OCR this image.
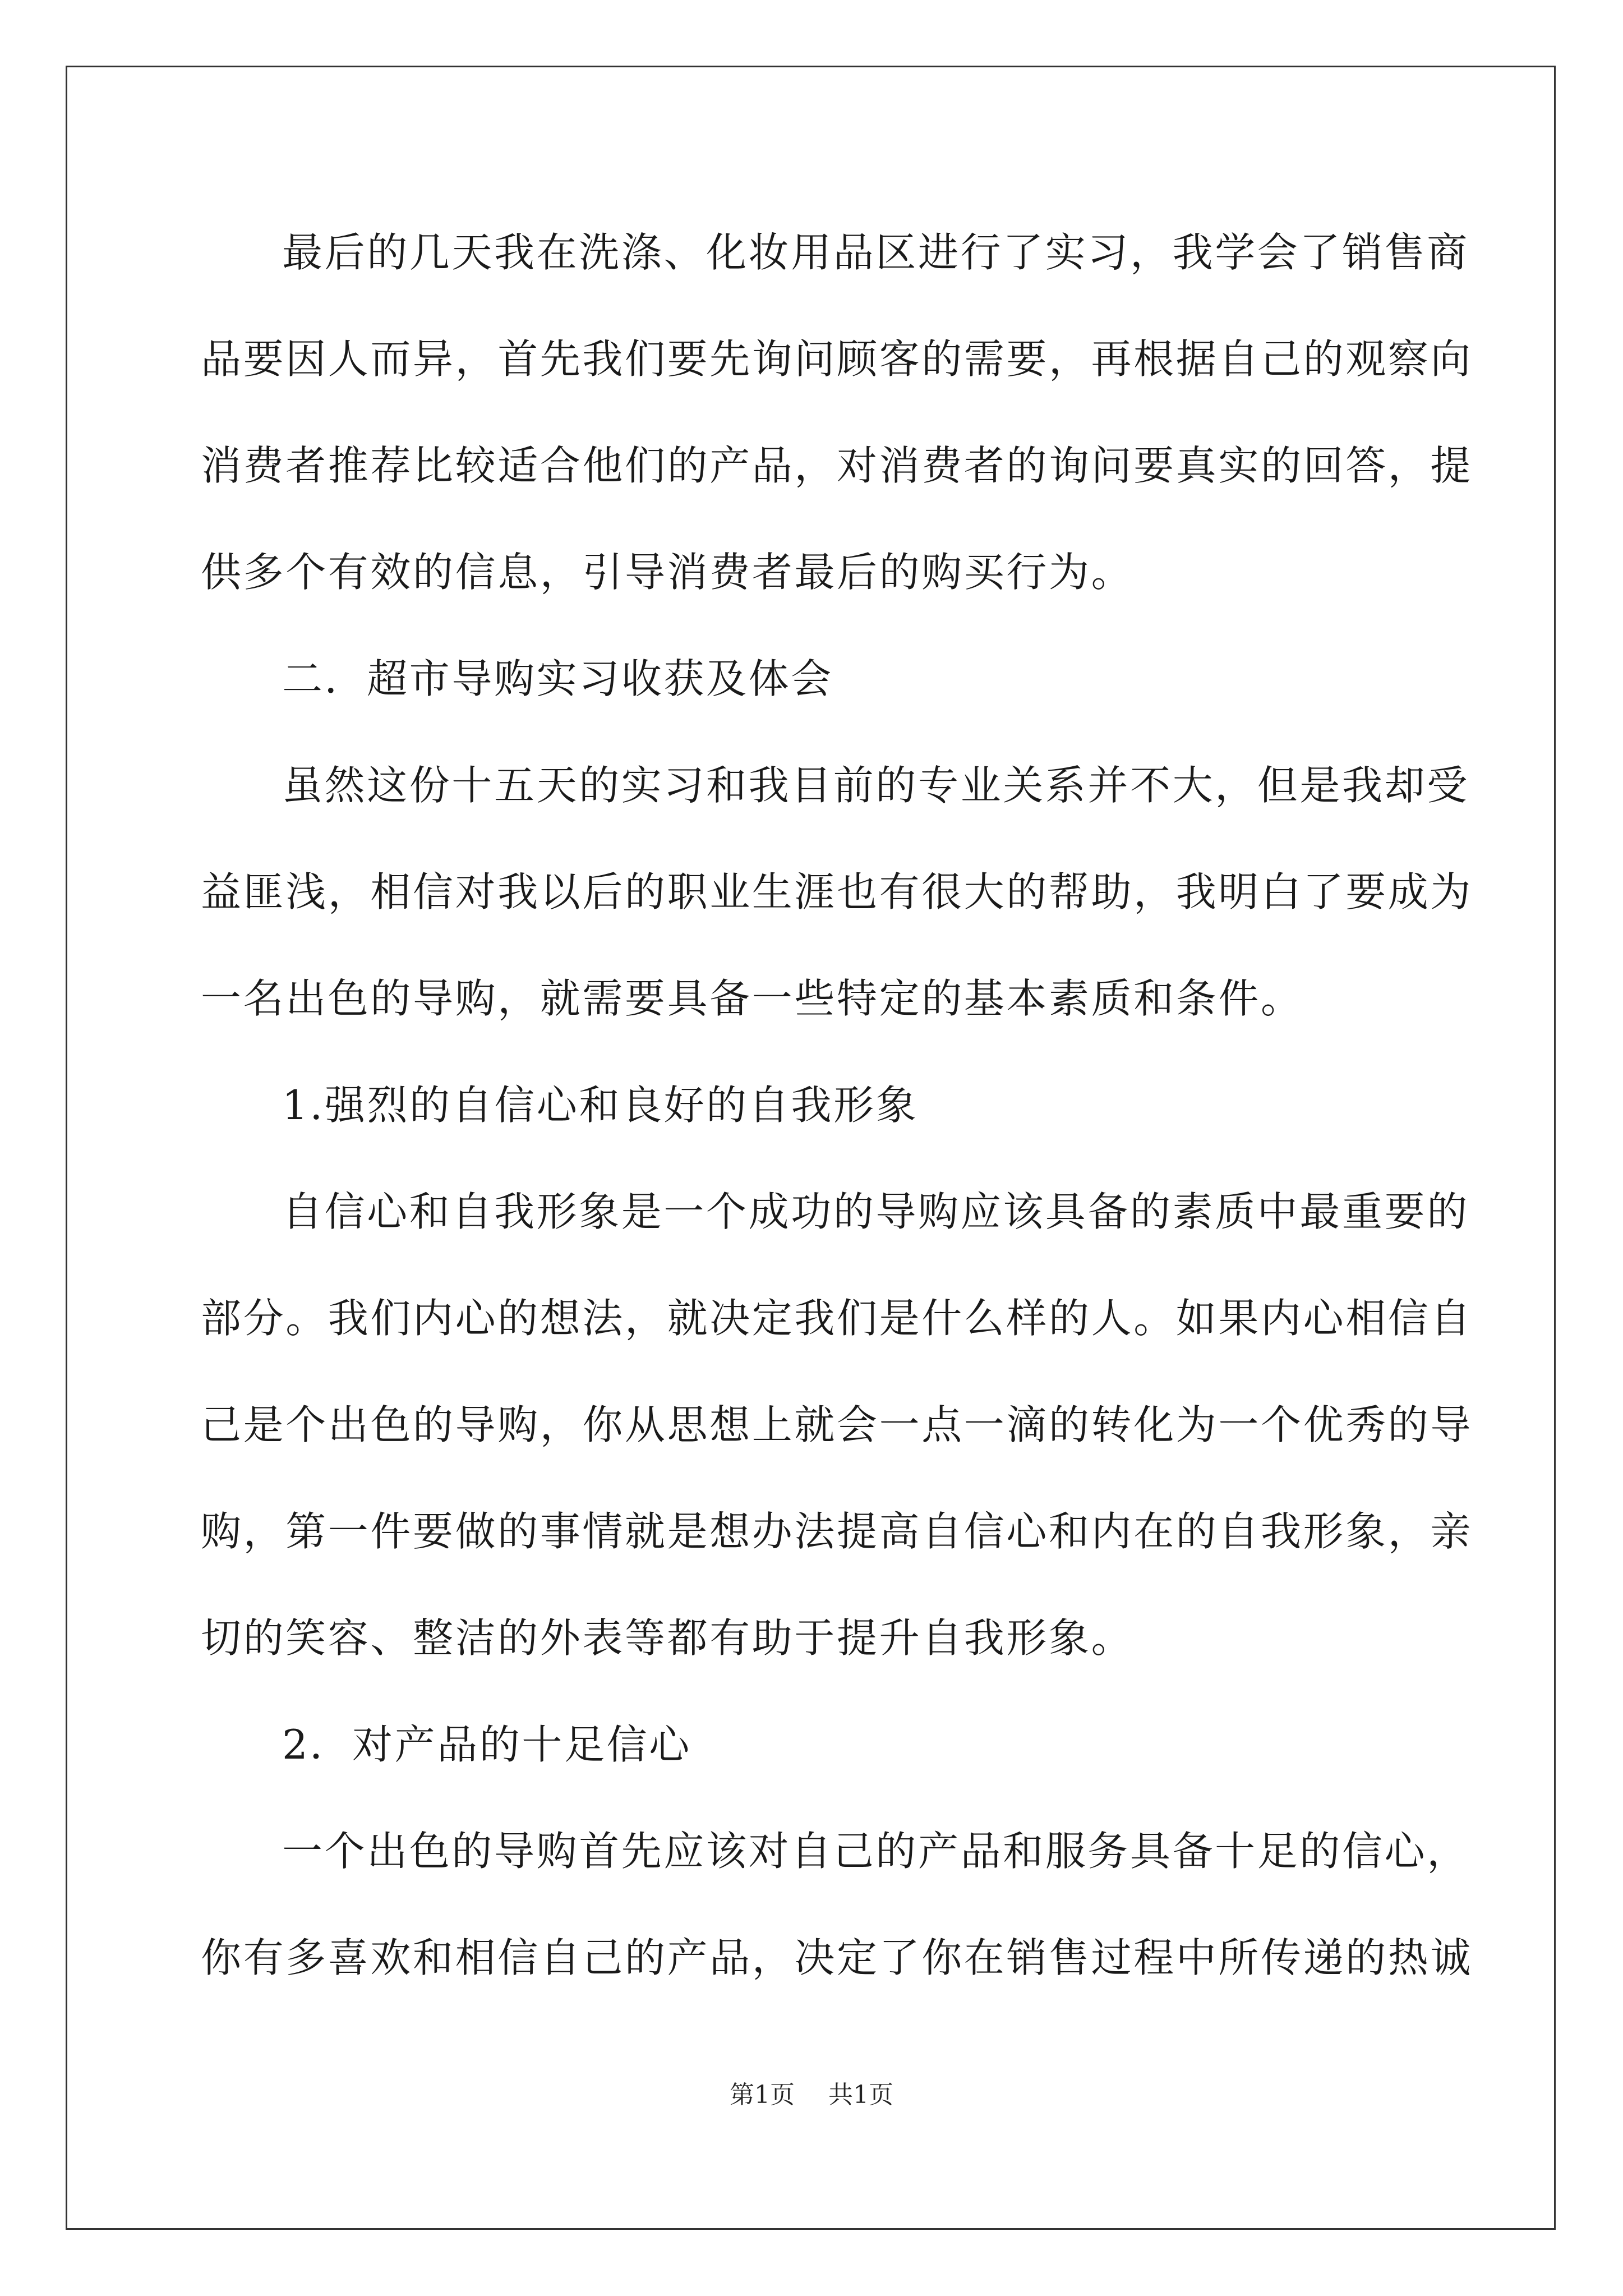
最后的几天我在洗涤、化妆用品区进行了实习，我学会了销售商
品要因人而异，首先我们要先询问顾客的需要，再根据自己的观察向
消费者推荐比较适合他们的产品，对消费者的询问要真实的回答，提
供多个有效的信息，引导消费者最后的购买行为。
二．超市导购实习收获及体会
虽然这份十五天的实习和我目前的专业关系并不大，但是我却受
益匪浅，相信对我以后的职业生涯也有很大的帮助，我明白了要成为
一名出色的导购，就需要具备一些特定的基本素质和条件。
1.强烈的自信心和良好的自我形象
自信心和自我形象是一个成功的导购应该具备的素质中最重要的
部分。我们内心的想法，就决定我们是什么样的人。如果内心相信自
己是个出色的导购，你从思想上就会一点一滴的转化为一个优秀的导
购，第一件要做的事情就是想办法提高自信心和内在的自我形象，亲
切的笑容、整洁的外表等都有助于提升自我形象。
2．对产品的十足信心
一个出色的导购首先应该对自己的产品和服务具备十足的信心，
你有多喜欢和相信自己的产品，决定了你在销售过程中所传递的热诚
第1页 共1页
